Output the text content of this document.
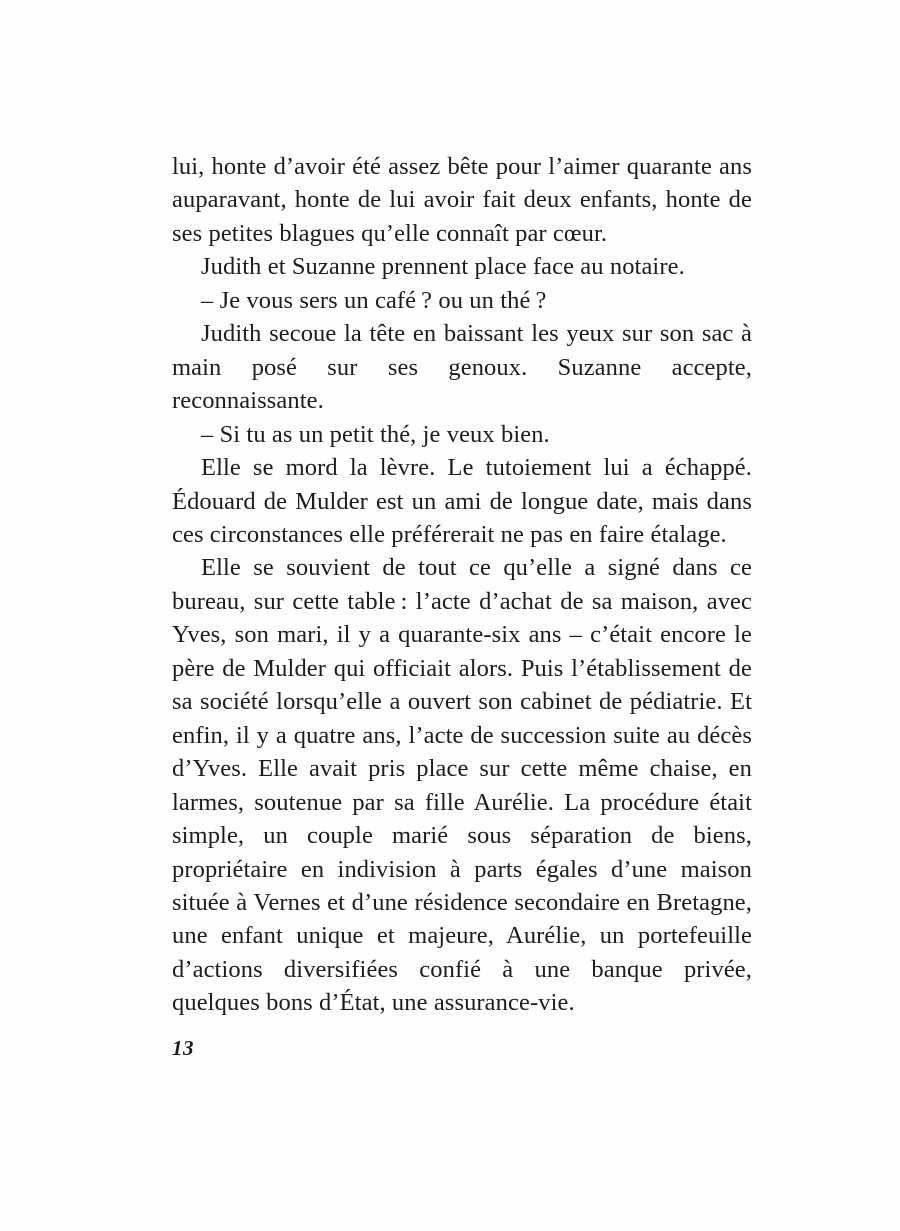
lui, honte d’avoir été assez bête pour l’aimer quarante ans auparavant, honte de lui avoir fait deux enfants, honte de ses petites blagues qu’elle connaît par cœur.

Judith et Suzanne prennent place face au notaire.

– Je vous sers un café ? ou un thé ?

Judith secoue la tête en baissant les yeux sur son sac à main posé sur ses genoux. Suzanne accepte, reconnaissante.

– Si tu as un petit thé, je veux bien.

Elle se mord la lèvre. Le tutoiement lui a échappé. Édouard de Mulder est un ami de longue date, mais dans ces circonstances elle préférerait ne pas en faire étalage.

Elle se souvient de tout ce qu’elle a signé dans ce bureau, sur cette table : l’acte d’achat de sa maison, avec Yves, son mari, il y a quarante-six ans – c’était encore le père de Mulder qui officiait alors. Puis l’établissement de sa société lorsqu’elle a ouvert son cabinet de pédiatrie. Et enfin, il y a quatre ans, l’acte de succession suite au décès d’Yves. Elle avait pris place sur cette même chaise, en larmes, soutenue par sa fille Aurélie. La procédure était simple, un couple marié sous séparation de biens, propriétaire en indivision à parts égales d’une maison située à Vernes et d’une résidence secondaire en Bretagne, une enfant unique et majeure, Aurélie, un portefeuille d’actions diversifiées confié à une banque privée, quelques bons d’État, une assurance-vie.

13
